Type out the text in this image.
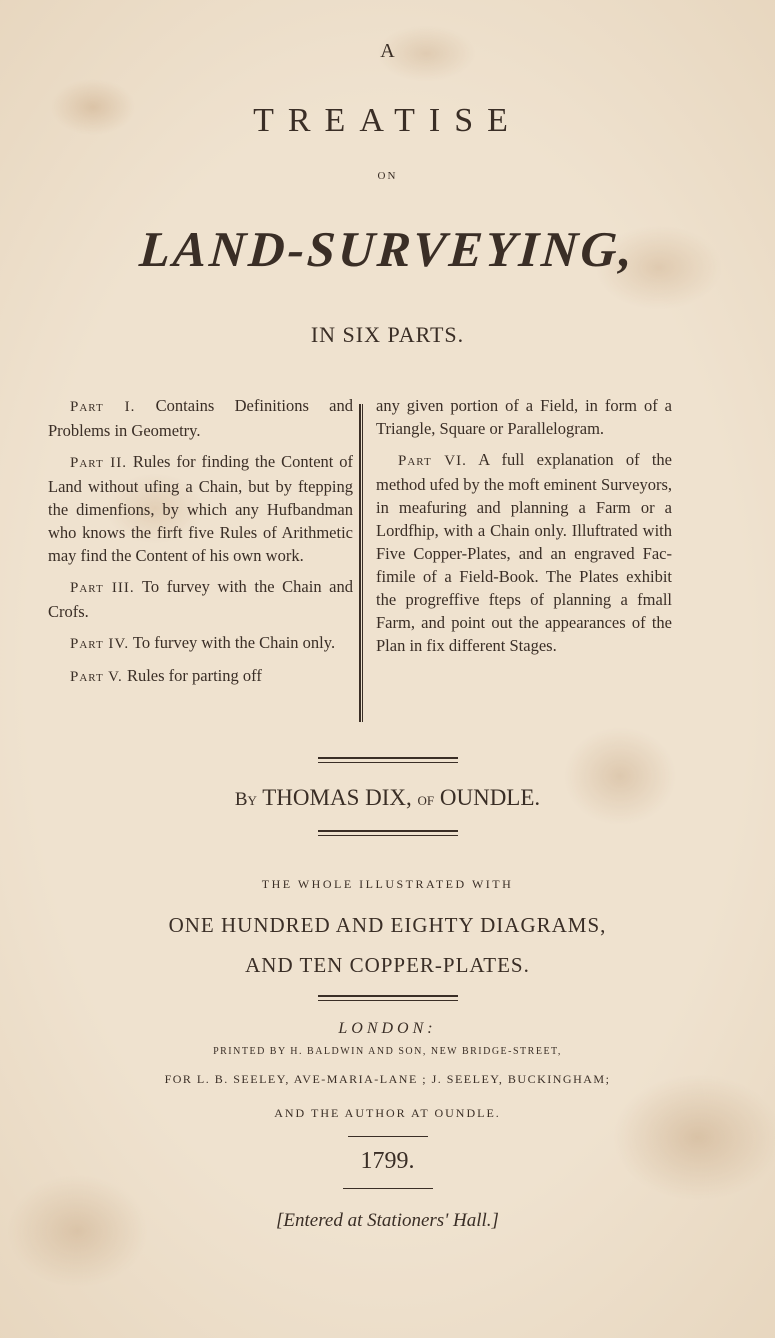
A
TREATISE
ON
LAND-SURVEYING,
IN SIX PARTS.

Part I. Contains Definitions and Problems in Geometry.

Part II. Rules for finding the Content of Land without ufing a Chain, but by ftepping the dimenfions, by which any Hufbandman who knows the firft five Rules of Arithmetic may find the Content of his own work.

Part III. To furvey with the Chain and Crofs.

Part IV. To furvey with the Chain only.

Part V. Rules for parting off

any given portion of a Field, in form of a Triangle, Square or Parallelogram.

Part VI. A full explanation of the method ufed by the moft eminent Surveyors, in meafuring and planning a Farm or a Lordfhip, with a Chain only. Illuftrated with Five Copper-Plates, and an engraved Fac-fimile of a Field-Book. The Plates exhibit the progreffive fteps of planning a fmall Farm, and point out the appearances of the Plan in fix different Stages.

By THOMAS DIX, of OUNDLE.
THE WHOLE ILLUSTRATED WITH
ONE HUNDRED AND EIGHTY DIAGRAMS,
AND TEN COPPER-PLATES.
LONDON:
PRINTED BY H. BALDWIN AND SON, NEW BRIDGE-STREET,
FOR L. B. SEELEY, AVE-MARIA-LANE ; J. SEELEY, BUCKINGHAM;
AND THE AUTHOR AT OUNDLE.
1799.
[Entered at Stationers' Hall.]
